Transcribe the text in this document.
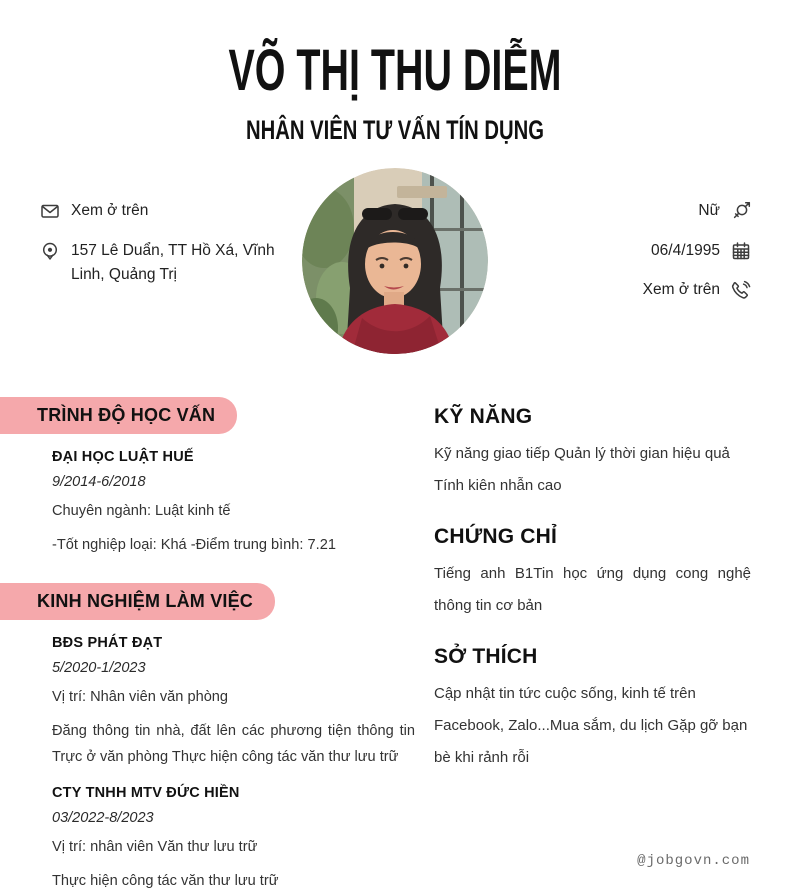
VÕ THỊ THU DIỄM
NHÂN VIÊN TƯ VẤN TÍN DỤNG
Xem ở trên
157 Lê Duẩn, TT Hồ Xá, Vĩnh Linh, Quảng Trị
Nữ
06/4/1995
Xem ở trên
TRÌNH ĐỘ HỌC VẤN
ĐẠI HỌC LUẬT HUẾ
9/2014-6/2018
Chuyên ngành: Luật kinh tế
-Tốt nghiệp loại: Khá -Điểm trung bình: 7.21
KINH NGHIỆM LÀM VIỆC
BĐS PHÁT ĐẠT
5/2020-1/2023
Vị trí: Nhân viên văn phòng
Đăng thông tin nhà, đất lên các phương tiện thông tin Trực ở văn phòng Thực hiện công tác văn thư lưu trữ
CTY TNHH MTV ĐỨC HIỀN
03/2022-8/2023
Vị trí: nhân viên Văn thư lưu trữ
Thực hiện công tác văn thư lưu trữ
KỸ NĂNG

Kỹ năng giao tiếp Quản lý thời gian hiệu quả Tính kiên nhẫn cao

CHỨNG CHỈ

Tiếng anh B1Tin học ứng dụng cong nghệ thông tin cơ bản

SỞ THÍCH

Cập nhật tin tức cuộc sống, kinh tế trên Facebook, Zalo...Mua sắm, du lịch Gặp gỡ bạn bè khi rảnh rỗi

@jobgovn.com
